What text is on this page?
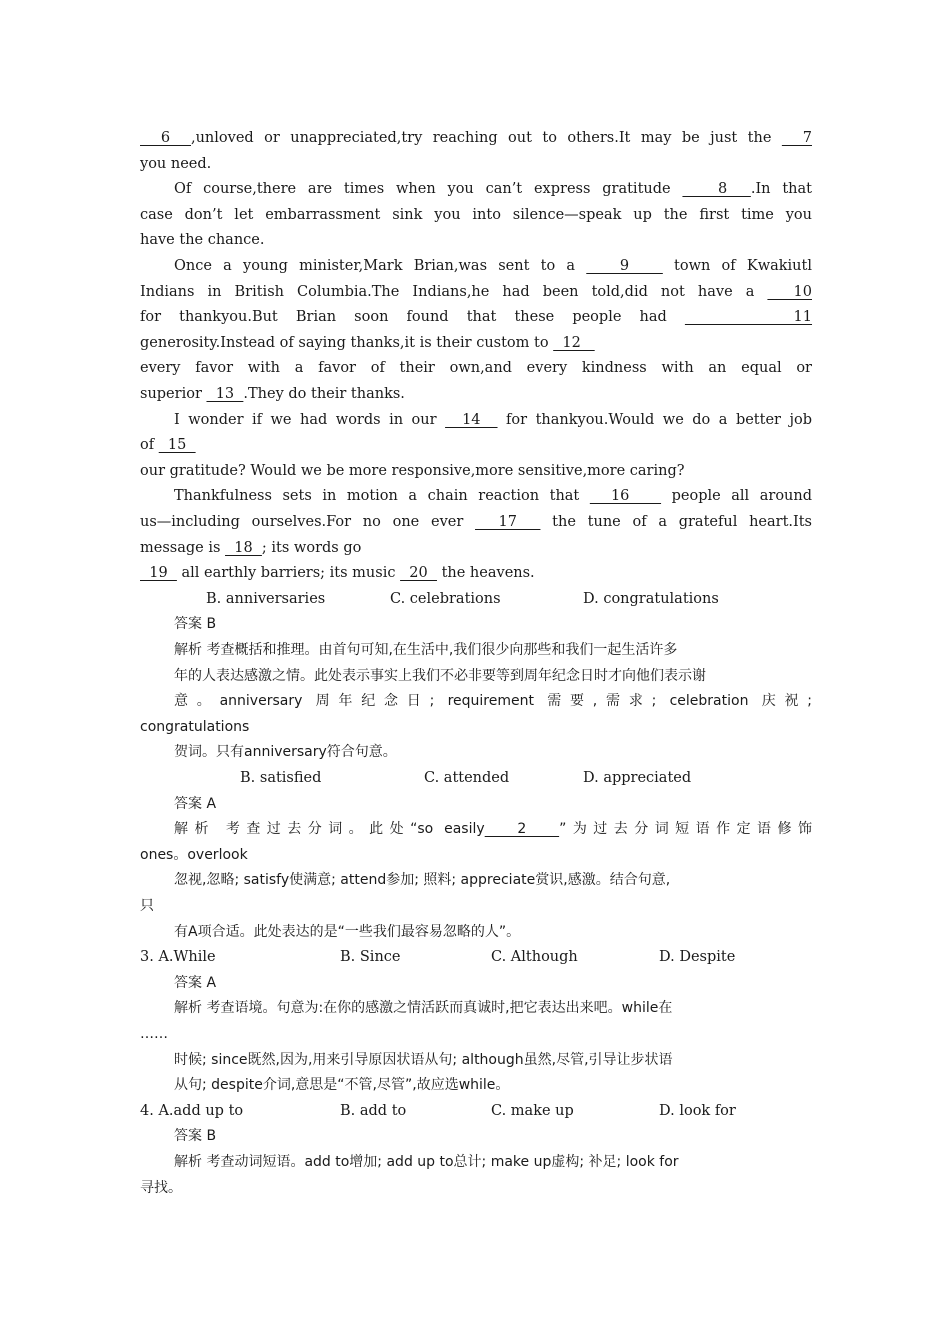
6  ,unloved or unappreciated,try reaching out to others.It may be just the   7
you need.
Of course,there are times when you can’t express gratitude    8  .In that
case don’t let embarrassment sink you into silence—speak up the first time you
have the chance.
Once a young minister,Mark Brian,was sent to a    9    town of Kwakiutl
Indians in British Columbia.The Indians,he had been told,did not have a   10
for thankyou.But Brian soon found that these people had       11
generosity.Instead of saying thanks,it is their custom to   12
every favor with a favor of their own,and every kindness with an equal or
superior   13  .They do their thanks.
I wonder if we had words in our   14   for thankyou.Would we do a better job
of   15
our gratitude? Would we be more responsive,more sensitive,more caring?
Thankfulness sets in motion a chain reaction that   16    people all around
us—including ourselves.For no one ever   17   the tune of a grateful heart.Its
message is   18  ; its words go
19   all earthly barriers; its music   20   the heavens.
B. anniversaries	C. celebrations	D. congratulations
答案 B
解析 考查概括和推理。由首句可知,在生活中,我们很少向那些和我们一起生活许多
年的人表达感激之情。此处表示事实上我们不必非要等到周年纪念日时才向他们表示谢
意。anniversary 周年纪念日; requirement 需要,需求; celebration 庆祝;
congratulations
贺词。只有anniversary符合句意。
B. satisfied	C. attended	D. appreciated
答案 A
解析 考查过去分词。此处“so easily   2   ”为过去分词短语作定语修饰
ones。overlook
忽视,忽略; satisfy使满意; attend参加; 照料; appreciate赏识,感激。结合句意,
只
有A项合适。此处表达的是“一些我们最容易忽略的人”。
3. A.While	B. Since	C. Although	D. Despite
答案 A
解析 考查语境。句意为:在你的感激之情活跃而真诚时,把它表达出来吧。while在
……
时候; since既然,因为,用来引导原因状语从句; although虽然,尽管,引导让步状语
从句; despite介词,意思是“不管,尽管”,故应选while。
4. A.add up to	B. add to	C. make up	D. look for
答案 B
解析 考查动词短语。add to增加; add up to总计; make up虚构; 补足; look for
寻找。
